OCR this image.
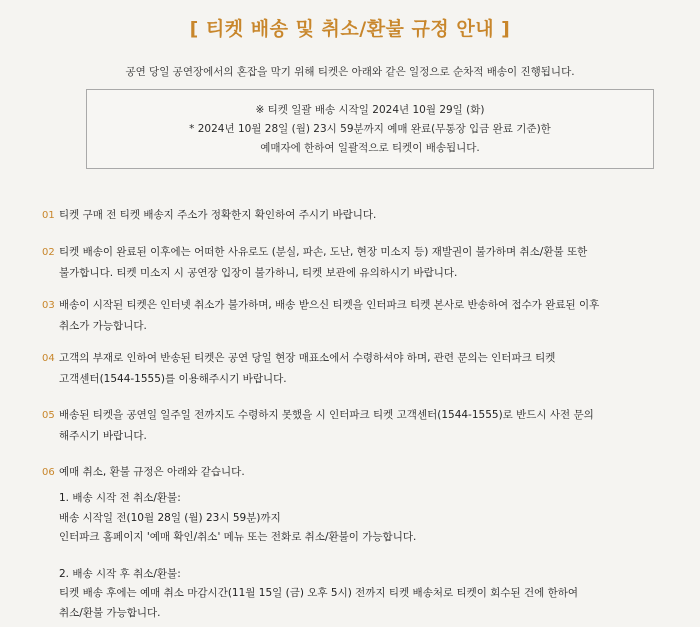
[ 티켓 배송 및 취소/환불 규정 안내 ]
공연 당일 공연장에서의 혼잡을 막기 위해 티켓은 아래와 같은 일정으로 순차적 배송이 진행됩니다.
※ 티켓 일괄 배송 시작일 2024년 10월 29일 (화)
* 2024년 10월 28일 (월) 23시 59분까지 예매 완료(무통장 입금 완료 기준)한
예매자에 한하여 일괄적으로 티켓이 배송됩니다.
01 티켓 구매 전 티켓 배송지 주소가 정확한지 확인하여 주시기 바랍니다.
02 티켓 배송이 완료된 이후에는 어떠한 사유로도 (분실, 파손, 도난, 현장 미소지 등) 재발권이 불가하며 취소/환불 또한
불가합니다. 티켓 미소지 시 공연장 입장이 불가하니, 티켓 보관에 유의하시기 바랍니다.
03 배송이 시작된 티켓은 인터넷 취소가 불가하며, 배송 받으신 티켓을 인터파크 티켓 본사로 반송하여 접수가 완료된 이후
취소가 가능합니다.
04 고객의 부재로 인하여 반송된 티켓은 공연 당일 현장 매표소에서 수령하셔야 하며, 관련 문의는 인터파크 티켓
고객센터(1544-1555)를 이용해주시기 바랍니다.
05 배송된 티켓을 공연일 일주일 전까지도 수령하지 못했을 시 인터파크 티켓 고객센터(1544-1555)로 반드시 사전 문의
해주시기 바랍니다.
06 예매 취소, 환불 규정은 아래와 같습니다.
1. 배송 시작 전 취소/환불:
배송 시작일 전(10월 28일 (월) 23시 59분)까지
인터파크 홈페이지 '예매 확인/취소' 메뉴 또는 전화로 취소/환불이 가능합니다.
2. 배송 시작 후 취소/환불:
티켓 배송 후에는 예매 취소 마감시간(11월 15일 (금) 오후 5시) 전까지 티켓 배송처로 티켓이 회수된 건에 한하여
취소/환불 가능합니다.
